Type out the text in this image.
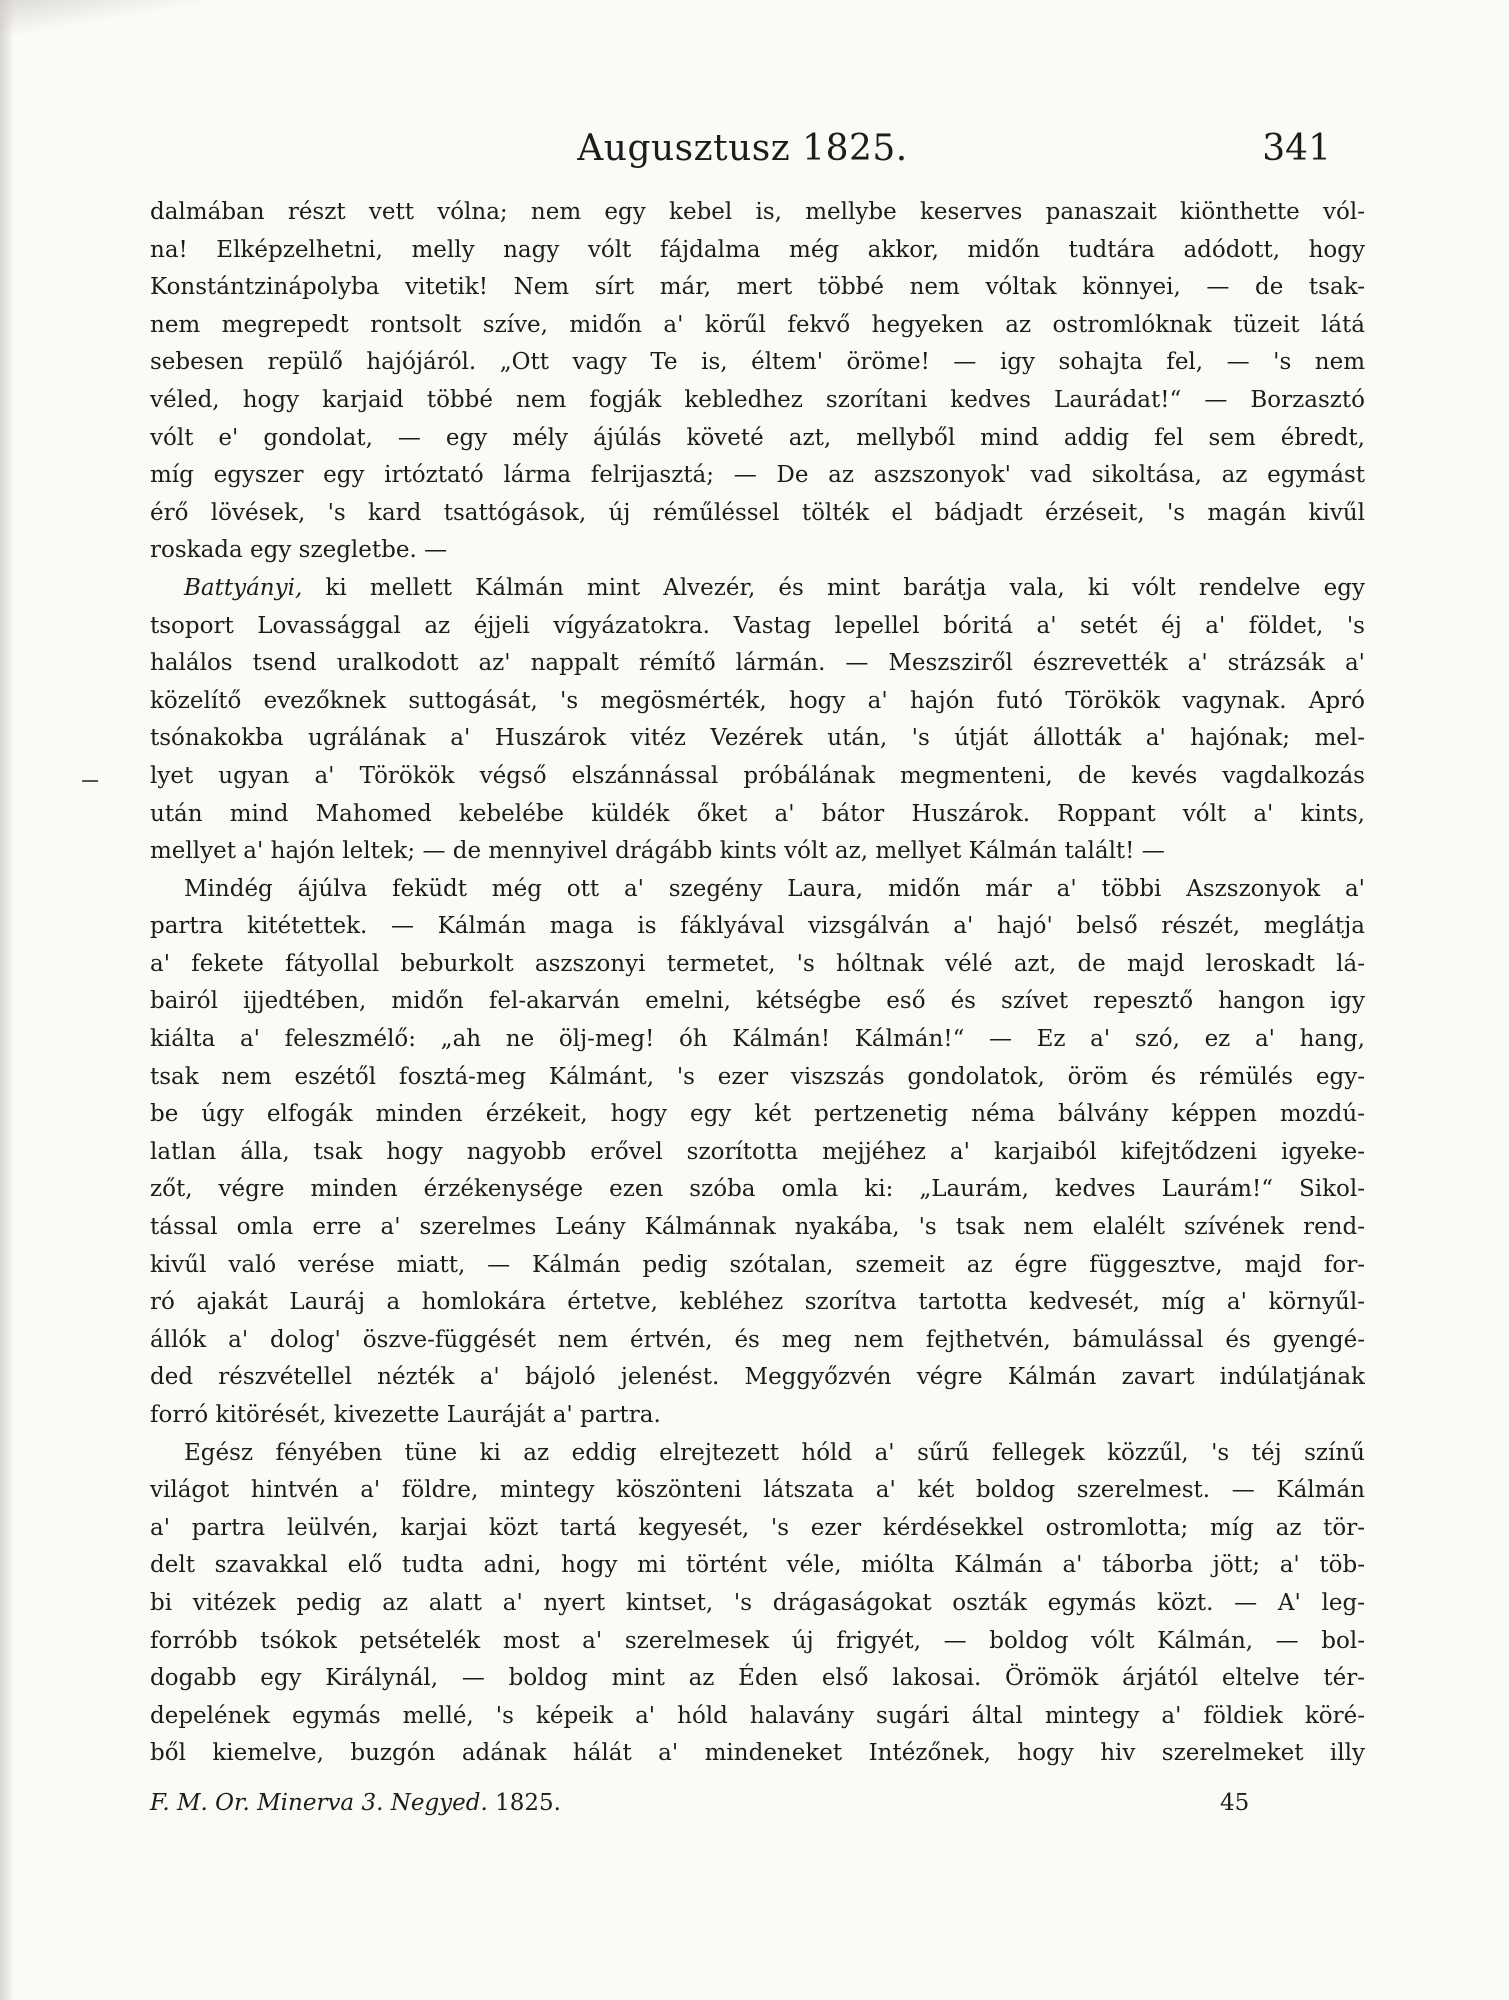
Augusztusz 1825.	341

dalmában részt vett vólna; nem egy kebel is, mellybe keserves panaszait kiönthette vól-
na! Elképzelhetni, melly nagy vólt fájdalma még akkor, midőn tudtára adódott, hogy
Konstántzinápolyba vitetik! Nem sírt már, mert többé nem vóltak könnyei, — de tsak-
nem megrepedt rontsolt szíve, midőn a' körűl fekvő hegyeken az ostromlóknak tüzeit látá
sebesen repülő hajójáról. „Ott vagy Te is, éltem' öröme! — igy sohajta fel, — 's nem
véled, hogy karjaid többé nem fogják kebledhez szorítani kedves Laurádat!“ — Borzasztó
vólt e' gondolat, — egy mély ájúlás követé azt, mellyből mind addig fel sem ébredt,
míg egyszer egy irtóztató lárma felrijasztá; — De az aszszonyok' vad sikoltása, az egymást
érő lövések, 's kard tsattógások, új réműléssel tölték el bádjadt érzéseit, 's magán kivűl
roskada egy szegletbe. —

Battyányi, ki mellett Kálmán mint Alvezér, és mint barátja vala, ki vólt rendelve egy
tsoport Lovassággal az éjjeli vígyázatokra. Vastag lepellel bóritá a' setét éj a' földet, 's
halálos tsend uralkodott az' nappalt rémítő lármán. — Meszsziről észrevették a' strázsák a'
közelítő evezőknek suttogását, 's megösmérték, hogy a' hajón futó Törökök vagynak. Apró
tsónakokba ugrálának a' Huszárok vitéz Vezérek után, 's útját állották a' hajónak; mel-
lyet ugyan a' Törökök végső elszánnással próbálának megmenteni, de kevés vagdalkozás
után mind Mahomed kebelébe küldék őket a' bátor Huszárok. Roppant vólt a' kints,
mellyet a' hajón leltek; — de mennyivel drágább kints vólt az, mellyet Kálmán talált! —

Mindég ájúlva feküdt még ott a' szegény Laura, midőn már a' többi Aszszonyok a'
partra kitétettek. — Kálmán maga is fáklyával vizsgálván a' hajó' belső részét, meglátja
a' fekete fátyollal beburkolt aszszonyi termetet, 's hóltnak vélé azt, de majd leroskadt lá-
bairól ijjedtében, midőn fel-akarván emelni, kétségbe eső és szívet repesztő hangon igy
kiálta a' feleszmélő: „ah ne ölj-meg! óh Kálmán! Kálmán!“ — Ez a' szó, ez a' hang,
tsak nem eszétől fosztá-meg Kálmánt, 's ezer viszszás gondolatok, öröm és rémülés egy-
be úgy elfogák minden érzékeit, hogy egy két pertzenetig néma bálvány képpen mozdú-
latlan álla, tsak hogy nagyobb erővel szorította mejjéhez a' karjaiból kifejtődzeni igyeke-
zőt, végre minden érzékenysége ezen szóba omla ki: „Laurám, kedves Laurám!“ Sikol-
tással omla erre a' szerelmes Leány Kálmánnak nyakába, 's tsak nem elalélt szívének rend-
kivűl való verése miatt, — Kálmán pedig szótalan, szemeit az égre függesztve, majd for-
ró ajakát Lauráj a homlokára értetve, kebléhez szorítva tartotta kedvesét, míg a' környűl-
állók a' dolog' öszve-függését nem értvén, és meg nem fejthetvén, bámulással és gyengé-
ded részvétellel nézték a' bájoló jelenést. Meggyőzvén végre Kálmán zavart indúlatjának
forró kitörését, kivezette Lauráját a' partra.

Egész fényében tüne ki az eddig elrejtezett hóld a' sűrű fellegek közzűl, 's téj színű
világot hintvén a' földre, mintegy köszönteni látszata a' két boldog szerelmest. — Kálmán
a' partra leülvén, karjai közt tartá kegyesét, 's ezer kérdésekkel ostromlotta; míg az tör-
delt szavakkal elő tudta adni, hogy mi történt véle, miólta Kálmán a' táborba jött; a' töb-
bi vitézek pedig az alatt a' nyert kintset, 's drágaságokat oszták egymás közt. — A' leg-
forróbb tsókok petsételék most a' szerelmesek új frigyét, — boldog vólt Kálmán, — bol-
dogabb egy Királynál, — boldog mint az Éden első lakosai. Örömök árjától eltelve tér-
depelének egymás mellé, 's képeik a' hóld halavány sugári által mintegy a' földiek köré-
ből kiemelve, buzgón adának hálát a' mindeneket Intézőnek, hogy hiv szerelmeket illy

F. M. Or. Minerva 3. Negyed. 1825.	45
